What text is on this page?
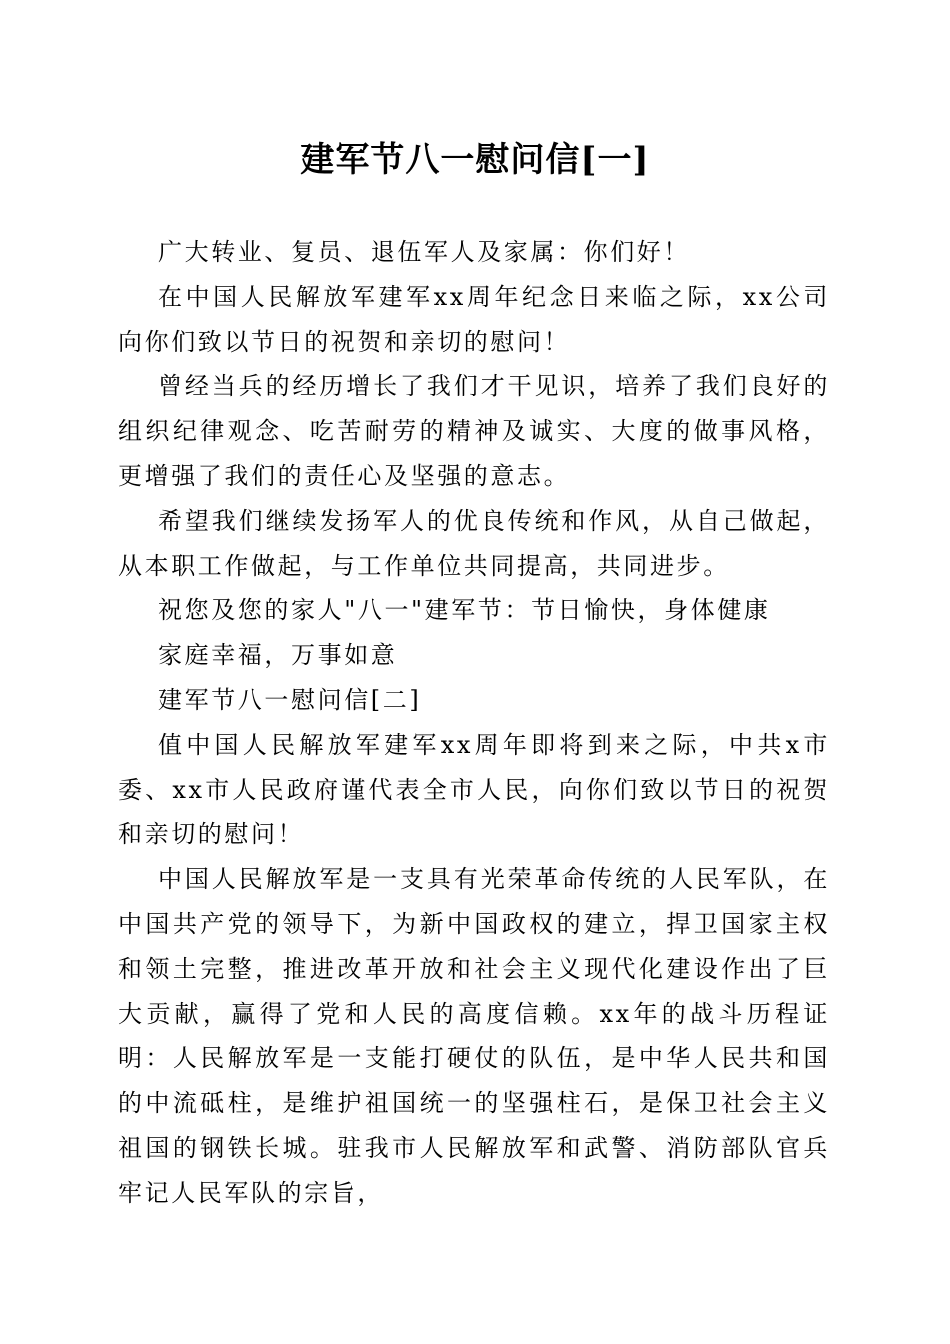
建军节八一慰问信[一]

广大转业、复员、退伍军人及家属：你们好！

在中国人民解放军建军xx周年纪念日来临之际，xx公司向你们致以节日的祝贺和亲切的慰问！

曾经当兵的经历增长了我们才干见识，培养了我们良好的组织纪律观念、吃苦耐劳的精神及诚实、大度的做事风格，更增强了我们的责任心及坚强的意志。

希望我们继续发扬军人的优良传统和作风，从自己做起，从本职工作做起，与工作单位共同提高，共同进步。

祝您及您的家人"八一"建军节：节日愉快，身体健康

家庭幸福，万事如意

建军节八一慰问信[二]

值中国人民解放军建军xx周年即将到来之际，中共x市委、xx市人民政府谨代表全市人民，向你们致以节日的祝贺和亲切的慰问！

中国人民解放军是一支具有光荣革命传统的人民军队，在中国共产党的领导下，为新中国政权的建立，捍卫国家主权和领土完整，推进改革开放和社会主义现代化建设作出了巨大贡献，赢得了党和人民的高度信赖。xx年的战斗历程证明：人民解放军是一支能打硬仗的队伍，是中华人民共和国的中流砥柱，是维护祖国统一的坚强柱石，是保卫社会主义祖国的钢铁长城。驻我市人民解放军和武警、消防部队官兵牢记人民军队的宗旨，
